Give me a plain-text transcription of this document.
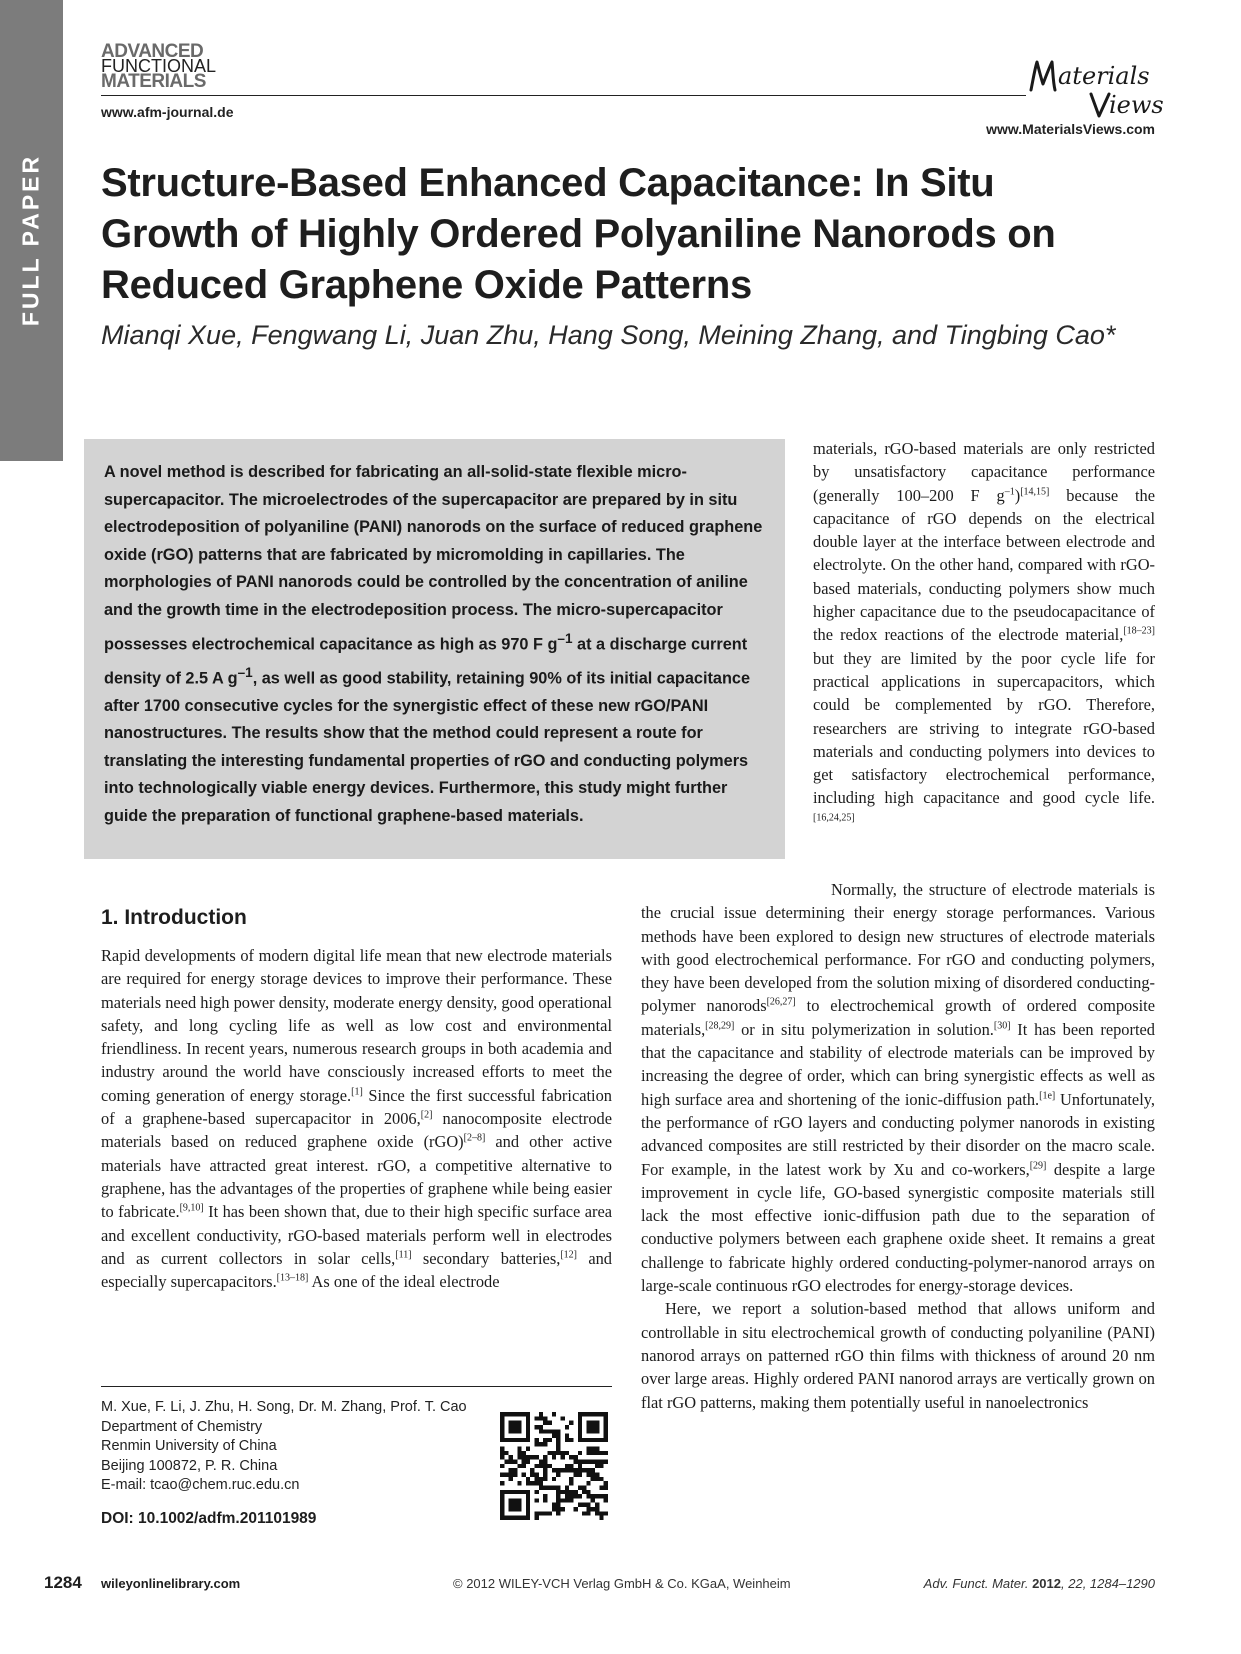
FULL PAPER
ADVANCED
FUNCTIONAL
MATERIALS
www.afm-journal.de
aterials
iews
www.MaterialsViews.com
Structure-Based Enhanced Capacitance: In Situ Growth of Highly Ordered Polyaniline Nanorods on Reduced Graphene Oxide Patterns
Mianqi Xue, Fengwang Li, Juan Zhu, Hang Song, Meining Zhang, and Tingbing Cao*

A novel method is described for fabricating an all-solid-state flexible micro-supercapacitor. The microelectrodes of the supercapacitor are prepared by in situ electrodeposition of polyaniline (PANI) nanorods on the surface of reduced graphene oxide (rGO) patterns that are fabricated by micromolding in capillaries. The morphologies of PANI nanorods could be controlled by the concentration of aniline and the growth time in the electrodeposition process. The micro-supercapacitor possesses electrochemical capacitance as high as 970 F $g^{-1}$ at a discharge current density of 2.5 A $g^{-1}$, as well as good stability, retaining 90% of its initial capacitance after 1700 consecutive cycles for the synergistic effect of these new rGO/PANI nanostructures. The results show that the method could represent a route for translating the interesting fundamental properties of rGO and conducting polymers into technologically viable energy devices. Furthermore, this study might further guide the preparation of functional graphene-based materials.

materials, rGO-based materials are only restricted by unsatisfactory capacitance performance (generally 100–200 F $g^{-1})[14,15]$ because the capacitance of rGO depends on the electrical double layer at the interface between electrode and electrolyte. On the other hand, compared with rGO-based materials, conducting polymers show much higher capacitance due to the pseudocapacitance of the redox reactions of the electrode material,[18–23] but they are limited by the poor cycle life for practical applications in supercapacitors, which could be complemented by rGO. Therefore, researchers are striving to integrate rGO-based materials and conducting polymers into devices to get satisfactory electrochemical performance, including high capacitance and good cycle life.[16,24,25]

Normally, the structure of electrode materials is the crucial issue determining their energy storage performances. Various methods have been explored to design new structures of electrode materials with good electrochemical performance. For rGO and conducting polymers, they have been developed from the solution mixing of disordered conducting-polymer nanorods[26,27] to electrochemical growth of ordered composite materials,[28,29] or in situ polymerization in solution.[30] It has been reported that the capacitance and stability of electrode materials can be improved by increasing the degree of order, which can bring synergistic effects as well as high surface area and shortening of the ionic-diffusion path.[1e] Unfortunately, the performance of rGO layers and conducting polymer nanorods in existing advanced composites are still restricted by their disorder on the macro scale. For example, in the latest work by Xu and co-workers,[29] despite a large improvement in cycle life, GO-based synergistic composite materials still lack the most effective ionic-diffusion path due to the separation of conductive polymers between each graphene oxide sheet. It remains a great challenge to fabricate highly ordered conducting-polymer-nanorod arrays on large-scale continuous rGO electrodes for energy-storage devices.

Here, we report a solution-based method that allows uniform and controllable in situ electrochemical growth of conducting polyaniline (PANI) nanorod arrays on patterned rGO thin films with thickness of around 20 nm over large areas. Highly ordered PANI nanorod arrays are vertically grown on flat rGO patterns, making them potentially useful in nanoelectronics

1. Introduction

Rapid developments of modern digital life mean that new electrode materials are required for energy storage devices to improve their performance. These materials need high power density, moderate energy density, good operational safety, and long cycling life as well as low cost and environmental friendliness. In recent years, numerous research groups in both academia and industry around the world have consciously increased efforts to meet the coming generation of energy storage.[1] Since the first successful fabrication of a graphene-based supercapacitor in 2006,[2] nanocomposite electrode materials based on reduced graphene oxide (rGO)[2–8] and other active materials have attracted great interest. rGO, a competitive alternative to graphene, has the advantages of the properties of graphene while being easier to fabricate.[9,10] It has been shown that, due to their high specific surface area and excellent conductivity, rGO-based materials perform well in electrodes and as current collectors in solar cells,[11] secondary batteries,[12] and especially supercapacitors.[13–18] As one of the ideal electrode

M. Xue, F. Li, J. Zhu, H. Song, Dr. M. Zhang, Prof. T. Cao
Department of Chemistry
Renmin University of China
Beijing 100872, P. R. China
E-mail: tcao@chem.ruc.edu.cn
DOI: 10.1002/adfm.201101989
1284 wileyonlinelibrary.com	© 2012 WILEY-VCH Verlag GmbH & Co. KGaA, Weinheim	Adv. Funct. Mater. 2012, 22, 1284–1290
